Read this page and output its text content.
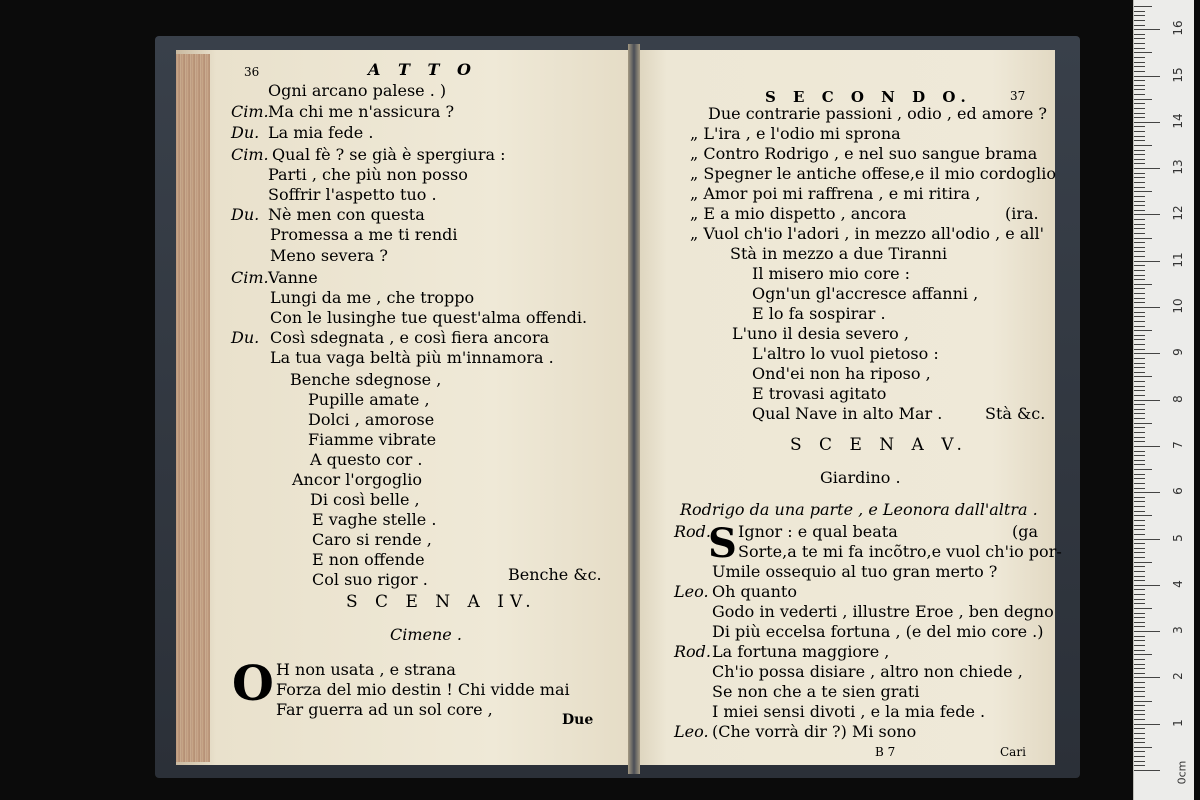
36	A T T O
Ogni arcano palese . )
Cim. Ma chi me n'assicura ?
Du. La mia fede .
Cim. Qual fè ? se già è spergiura :
Parti , che più non posso
Soffrir l'aspetto tuo .
Du. Nè men con questa
Promessa a me ti rendi
Meno severa ?
Cim. Vanne
Lungi da me , che troppo
Con le lusinghe tue quest'alma offendi.
Du. Così sdegnata , e così fiera ancora
La tua vaga beltà più m'innamora .
Benche sdegnose ,
Pupille amate ,
Dolci , amorose
Fiamme vibrate
A questo cor .
Ancor l'orgoglio
Di così belle ,
E vaghe stelle .
Caro si rende ,
E non offende
Col suo rigor .	Benche &c.
S C E N A IV.
Cimene .
O H non usata , e strana
Forza del mio destin ! Chi vidde mai
Far guerra ad un sol core ,
Due
S E C O N D O.	37
Due contrarie passioni , odio , ed amore ?
„ L'ira , e l'odio mi sprona
„ Contro Rodrigo , e nel suo sangue brama
„ Spegner le antiche offese,e il mio cordoglio
„ Amor poi mi raffrena , e mi ritira ,
„ E a mio dispetto , ancora	(ira.
„ Vuol ch'io l'adori , in mezzo all'odio , e all'
Stà in mezzo a due Tiranni
Il misero mio core :
Ogn'un gl'accresce affanni ,
E lo fa sospirar .
L'uno il desia severo ,
L'altro lo vuol pietoso :
Ond'ei non ha riposo ,
E trovasi agitato
Qual Nave in alto Mar .	Stà &c.
S C E N A V.
Giardino .
Rodrigo da una parte , e Leonora dall'altra .
Rod.
S Ignor : e qual beata	(ga
Sorte,a te mi fa incõtro,e vuol ch'io por-
Umile ossequio al tuo gran merto ?
Leo. Oh quanto
Godo in vederti , illustre Eroe , ben degno
Di più eccelsa fortuna , (e del mio core .)
Rod. La fortuna maggiore ,
Ch'io possa disiare , altro non chiede ,
Se non che a te sien grati
I miei sensi divoti , e la mia fede .
Leo. (Che vorrà dir ?) Mi sono
B 7	Cari
0cm
1
2
3
4
5
6
7
8
9
10
11
12
13
14
15
16
